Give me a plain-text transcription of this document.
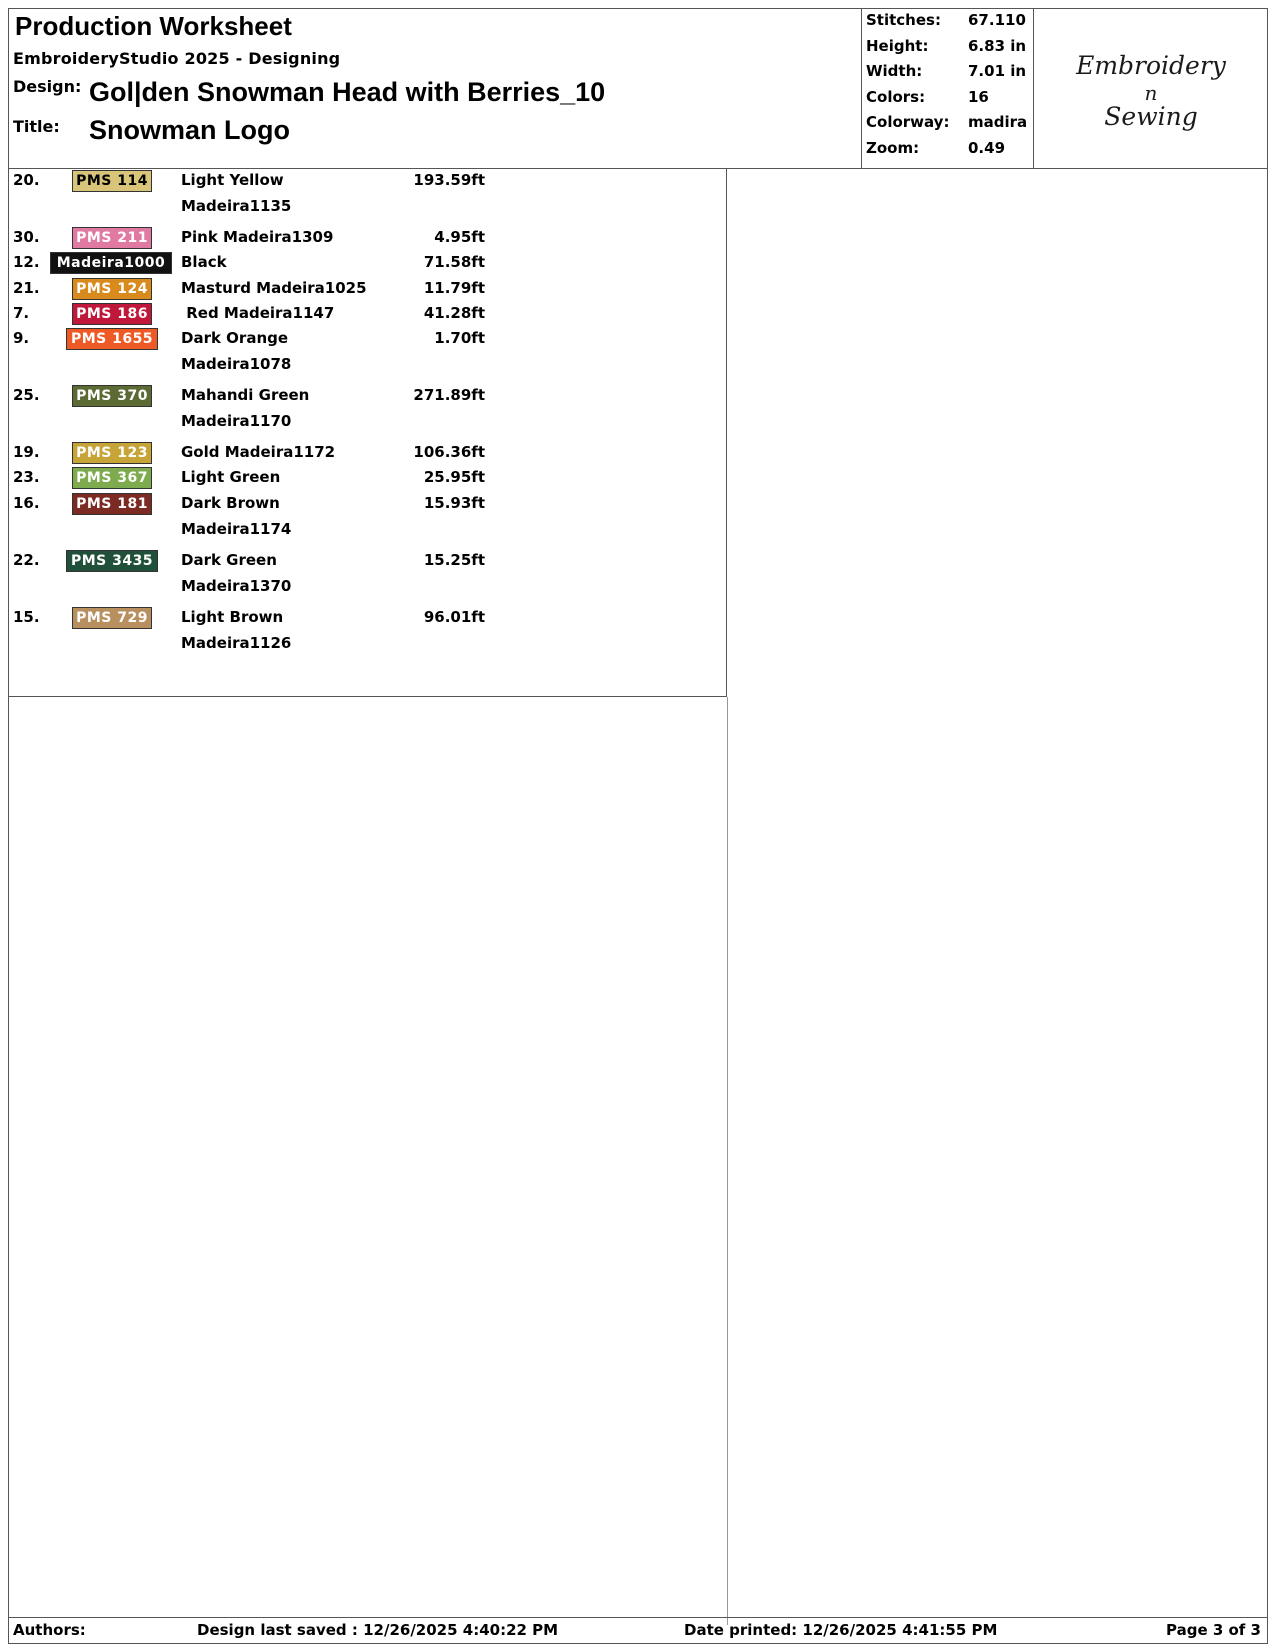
Production Worksheet
EmbroideryStudio 2025 - Designing
Design: Gol|den Snowman Head with Berries_10
Title: Snowman Logo
Stitches: 67.110
Height:	6.83 in
Width:	7.01 in
Colors:	16
Colorway: madira
Zoom:	0.49
Embroidery
n
Sewing
20.	PMS 114 Light Yellow	193.59ft
Madeira1135
30.	PMS 211 Pink Madeira1309	4.95ft
12.	Madeira1000	Black	71.58ft
21.	PMS 124 Masturd Madeira1025	11.79ft
7.	PMS 186 Red Madeira1147	41.28ft
9.	PMS 1655	Dark Orange	1.70ft
Madeira1078
25.	PMS 370 Mahandi Green	271.89ft
Madeira1170
19.	PMS 123 Gold Madeira1172	106.36ft
23.	PMS 367 Light Green	25.95ft
16.	PMS 181 Dark Brown	15.93ft
Madeira1174
22.	PMS 3435	Dark Green	15.25ft
Madeira1370
15.	PMS 729 Light Brown	96.01ft
Madeira1126
Authors:	Design last saved : 12/26/2025 4:40:22 PM	Date printed: 12/26/2025 4:41:55 PM	Page 3 of 3
